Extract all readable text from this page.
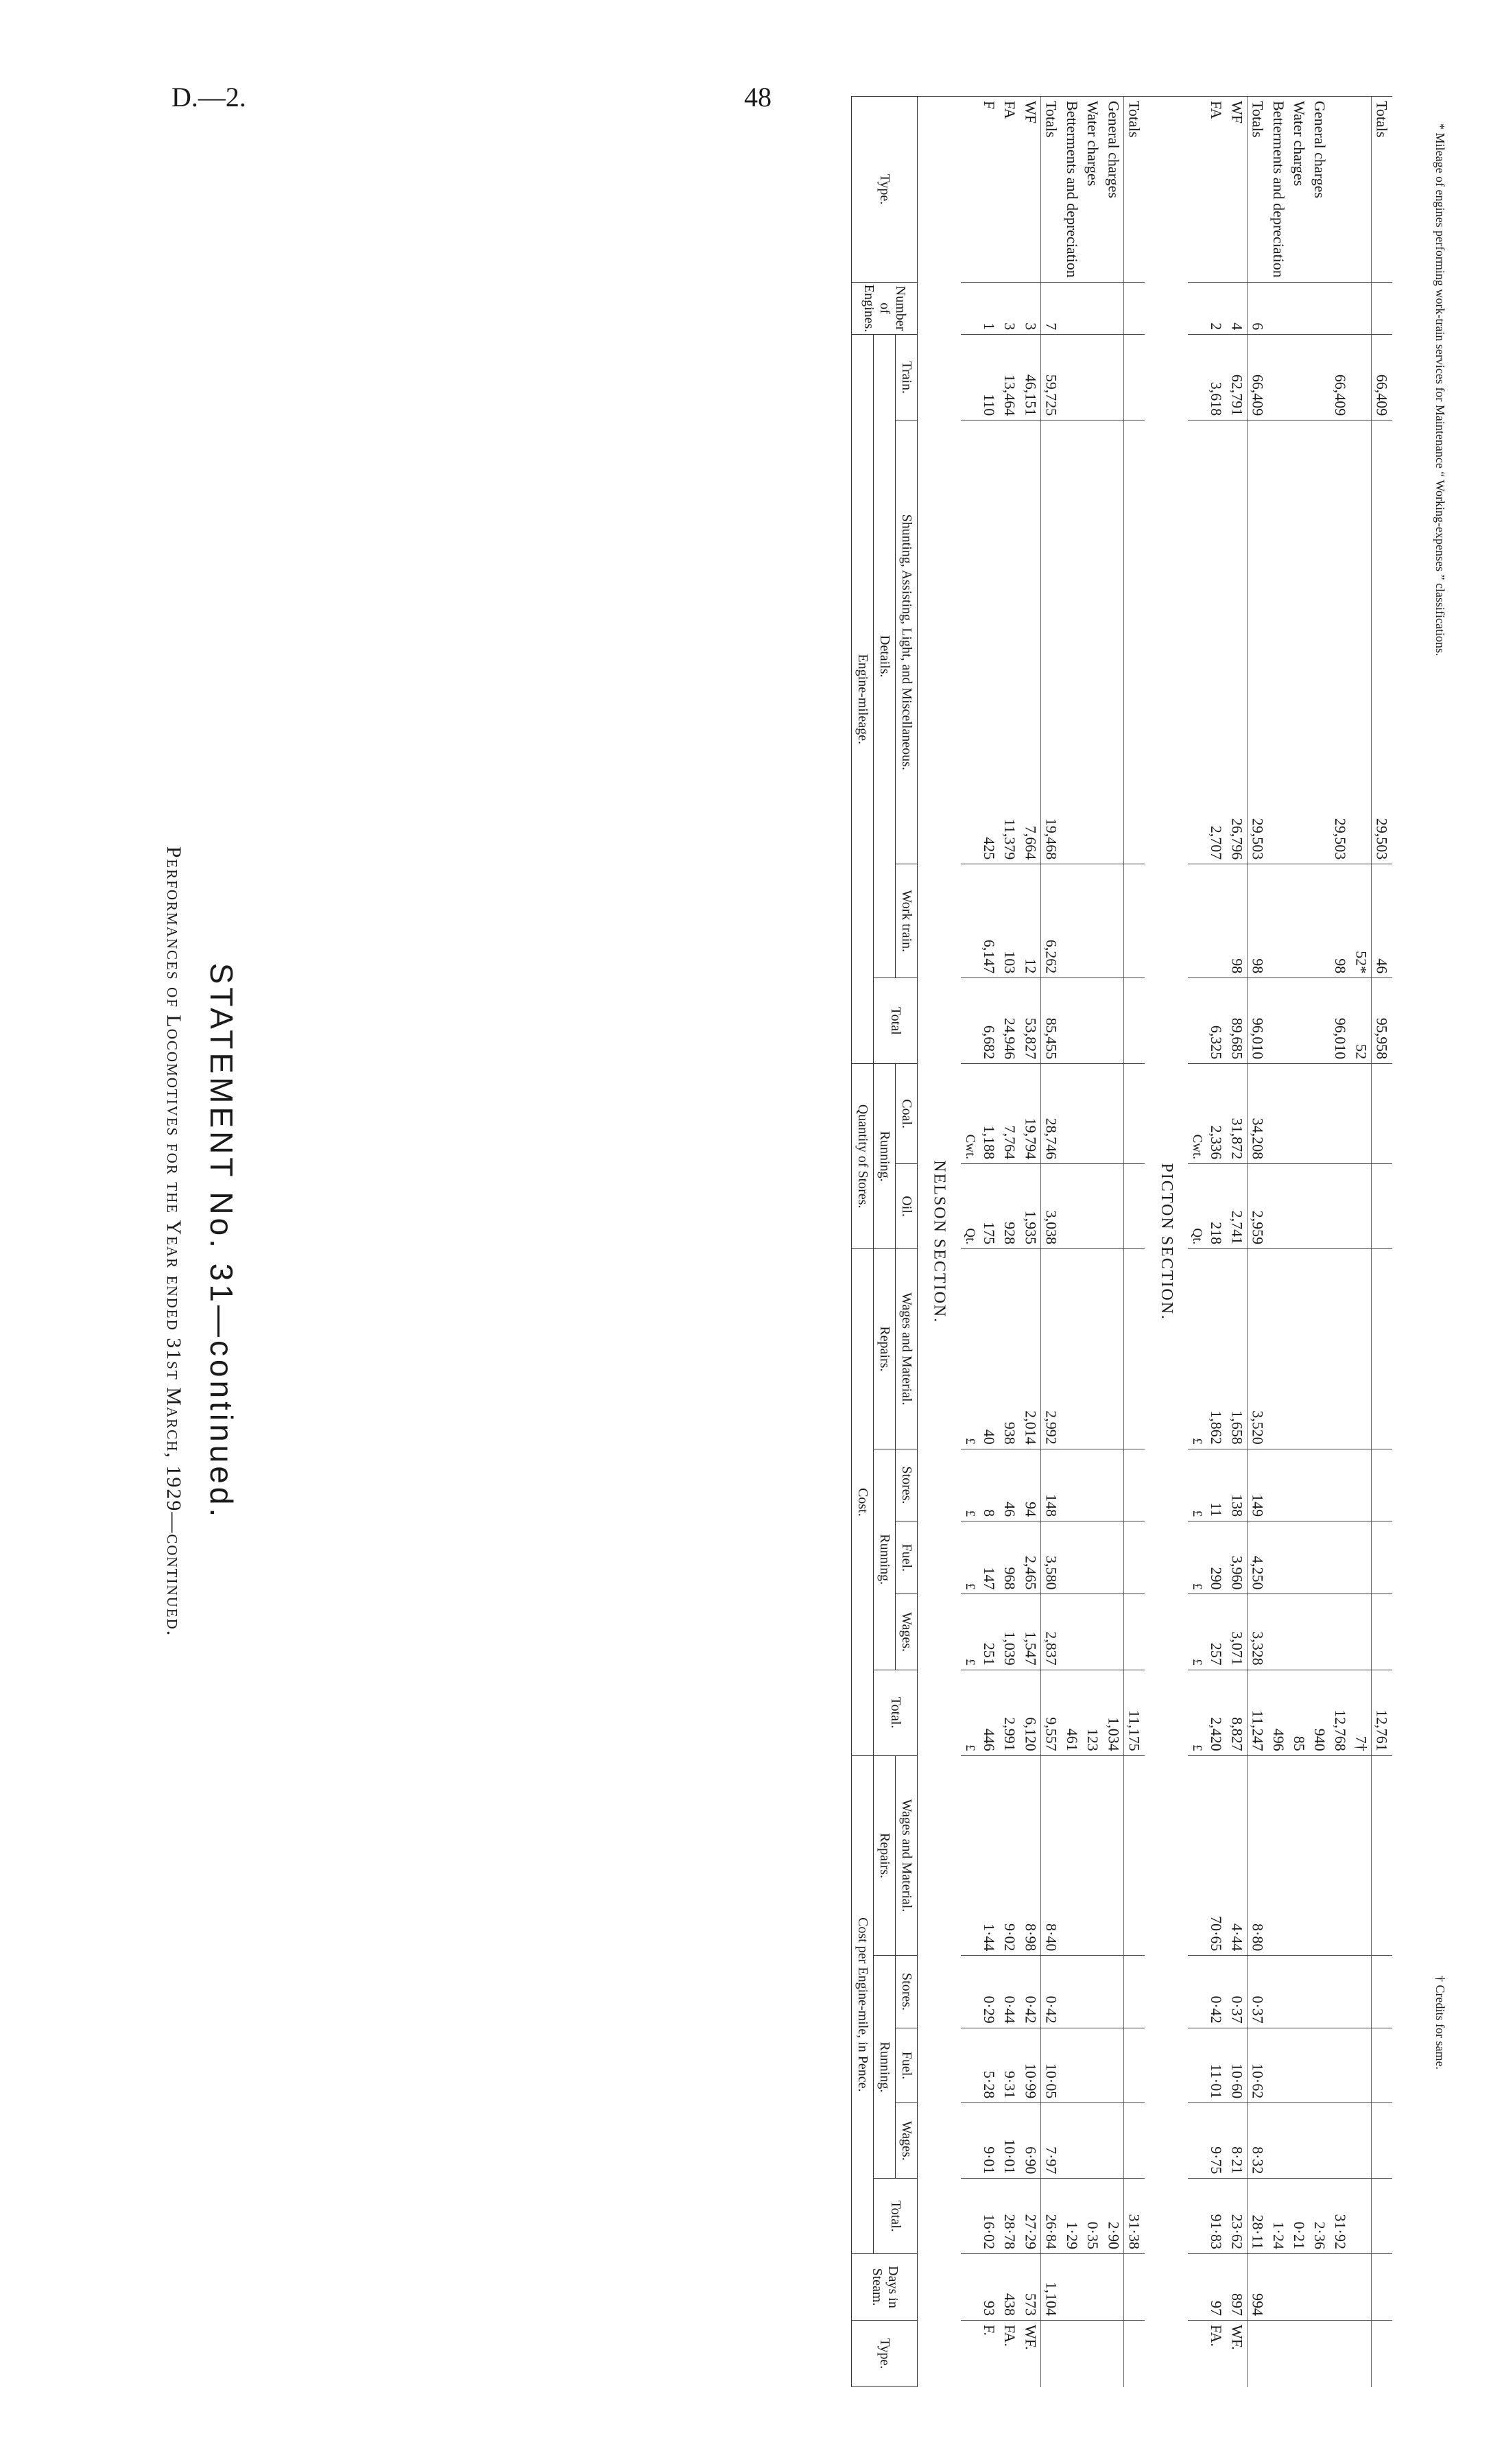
D.—2.	48
STATEMENT No. 31—continued.
Performances of Locomotives for the Year ended 31st March, 1929—continued.
* Mileage of engines performing work-train services for Maintenance “ Working-expenses ” classifications.
† Credits for same.
Type.	Number of Engines.	Engine-mileage.				Quantity of Stores.		Cost.					Cost per Engine-mile, in Pence.					Days in Steam.	Type.
		Details.			Total	Running.		Repairs.	Running.			Total.	Repairs.	Running.			Total.		
		Train.	Shunting, Assisting, Light, and Miscellaneous.	Work train.															
						Coal.	Oil.	Wages and Material.	Stores.	Fuel.	Wages.		Wages and Material.	Stores.	Fuel.	Wages.			
NELSON SECTION.																			
						Cwt.	Qt.	£	£	£	£	£							
F	1	110	425	6,147	6,682	1,188	175	40	8	147	251	446	1·44	0·29	5·28	9·01	16·02	93	F.
FA	3	13,464	11,379	103	24,946	7,764	928	938	46	968	1,039	2,991	9·02	0·44	9·31	10·01	28·78	438	FA.
WF	3	46,151	7,664	12	53,827	19,794	1,935	2,014	94	2,465	1,547	6,120	8·98	0·42	10·99	6·90	27·29	573	WF.
Totals	7	59,725	19,468	6,262	85,455	28,746	3,038	2,992	148	3,580	2,837	9,557	8·40	0·42	10·05	7·97	26·84	1,104	
Betterments and depreciation												461					1·29		
Water charges												123					0·35		
General charges												1,034					2·90		
Totals												11,175					31·38		
PICTON SECTION.																			
						Cwt.	Qt.	£	£	£	£	£							
FA	2	3,618	2,707		6,325	2,336	218	1,862	11	290	257	2,420	70·65	0·42	11·01	9·75	91·83	97	FA.
WF	4	62,791	26,796	98	89,685	31,872	2,741	1,658	138	3,960	3,071	8,827	4·44	0·37	10·60	8·21	23·62	897	WF.
Totals	6	66,409	29,503	98	96,010	34,208	2,959	3,520	149	4,250	3,328	11,247	8·80	0·37	10·62	8·32	28·11	994	
Betterments and depreciation												496					1·24		
Water charges												85					0·21		
General charges												940					2·36		
		66,409	29,503	98	96,010							12,768					31·92		
				52*	52							7†							
Totals		66,409	29,503	46	95,958							12,761							
